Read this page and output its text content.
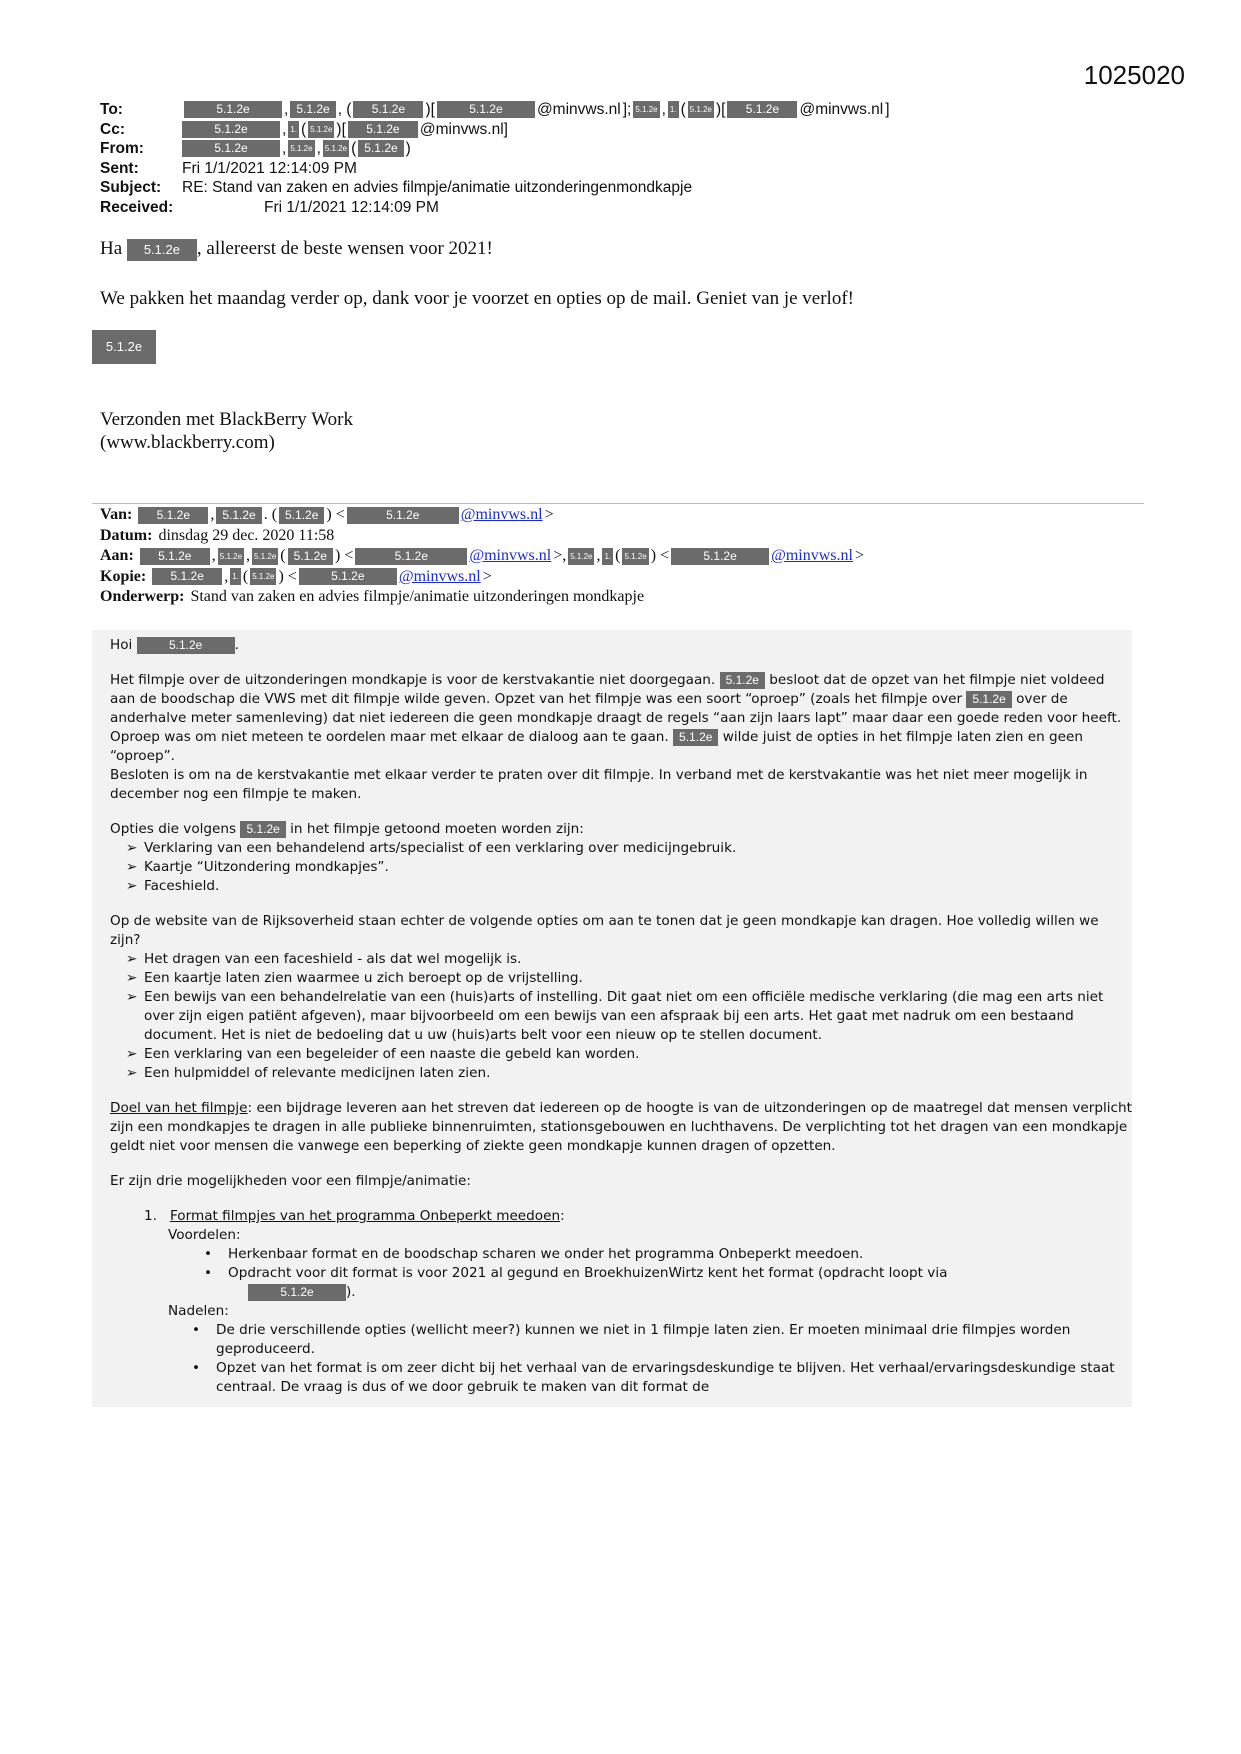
1025020
To:	5.1.2e	, 5.1.2e , (	5.1.2e	)[	5.1.2e	@minvws.nl ]; 5.1.2e , 1. ( 5.1.2e )[	5.1.2e	@minvws.nl ]
Cc:	5.1.2e	, 1. ( 5.1.2e )[	5.1.2e	@minvws.nl]
From:	5.1.2e	, 5.1.2e , 5.1.2e ( 5.1.2e )
Sent:	Fri 1/1/2021 12:14:09 PM
Subject:	RE: Stand van zaken en advies filmpje/animatie uitzonderingenmondkapje
Received:	Fri 1/1/2021 12:14:09 PM
Ha 5.1.2e , allereerst de beste wensen voor 2021!
We pakken het maandag verder op, dank voor je voorzet en opties op de mail. Geniet van je verlof!
5.1.2e
Verzonden met BlackBerry Work
(www.blackberry.com)
Van:	5.1.2e	, 5.1.2e . ( 5.1.2e ) <	5.1.2e	@minvws.nl >
Datum: dinsdag 29 dec. 2020 11:58
Aan:	5.1.2e	, 5.1.2e , 5.1.2e ( 5.1.2e ) <	5.1.2e	@minvws.nl >, 5.1.2e , 1. ( 5.1.2e ) <	5.1.2e	@minvws.nl >
Kopie:	5.1.2e	, 1. ( 5.1.2e ) <	5.1.2e	@minvws.nl >
Onderwerp: Stand van zaken en advies filmpje/animatie uitzonderingen mondkapje

Hoi	5.1.2e .

Het filmpje over de uitzonderingen mondkapje is voor de kerstvakantie niet doorgegaan. 5.1.2e besloot dat de opzet van het filmpje niet voldeed aan de boodschap die VWS met dit filmpje wilde geven. Opzet van het filmpje was een soort “oproep” (zoals het filmpje over 5.1.2e over de anderhalve meter samenleving) dat niet iedereen die geen mondkapje draagt de regels “aan zijn laars lapt” maar daar een goede reden voor heeft. Oproep was om niet meteen te oordelen maar met elkaar de dialoog aan te gaan. 5.1.2e wilde juist de opties in het filmpje laten zien en geen “oproep”.
Besloten is om na de kerstvakantie met elkaar verder te praten over dit filmpje. In verband met de kerstvakantie was het niet meer mogelijk in december nog een filmpje te maken.

Opties die volgens 5.1.2e in het filmpje getoond moeten worden zijn:
➢ Verklaring van een behandelend arts/specialist of een verklaring over medicijngebruik.
➢ Kaartje “Uitzondering mondkapjes”.
➢ Faceshield.
Op de website van de Rijksoverheid staan echter de volgende opties om aan te tonen dat je geen mondkapje kan dragen. Hoe volledig willen we zijn?
➢ Het dragen van een faceshield - als dat wel mogelijk is.
➢ Een kaartje laten zien waarmee u zich beroept op de vrijstelling.
➢ Een bewijs van een behandelrelatie van een (huis)arts of instelling. Dit gaat niet om een officiële medische verklaring (die mag een arts niet over zijn eigen patiënt afgeven), maar bijvoorbeeld om een bewijs van een afspraak bij een arts. Het gaat met nadruk om een bestaand document. Het is niet de bedoeling dat u uw (huis)arts belt voor een nieuw op te stellen document.
➢ Een verklaring van een begeleider of een naaste die gebeld kan worden.
➢ Een hulpmiddel of relevante medicijnen laten zien.

Doel van het filmpje: een bijdrage leveren aan het streven dat iedereen op de hoogte is van de uitzonderingen op de maatregel dat mensen verplicht zijn een mondkapjes te dragen in alle publieke binnenruimten, stationsgebouwen en luchthavens. De verplichting tot het dragen van een mondkapje geldt niet voor mensen die vanwege een beperking of ziekte geen mondkapje kunnen dragen of opzetten.

Er zijn drie mogelijkheden voor een filmpje/animatie:

1. Format filmpjes van het programma Onbeperkt meedoen:
Voordelen:
• Herkenbaar format en de boodschap scharen we onder het programma Onbeperkt meedoen.
• Opdracht voor dit format is voor 2021 al gegund en BroekhuizenWirtz kent het format (opdracht loopt via
5.1.2e ).
Nadelen:
• De drie verschillende opties (wellicht meer?) kunnen we niet in 1 filmpje laten zien. Er moeten minimaal drie filmpjes worden geproduceerd.
• Opzet van het format is om zeer dicht bij het verhaal van de ervaringsdeskundige te blijven. Het verhaal/ervaringsdeskundige staat centraal. De vraag is dus of we door gebruik te maken van dit format de
